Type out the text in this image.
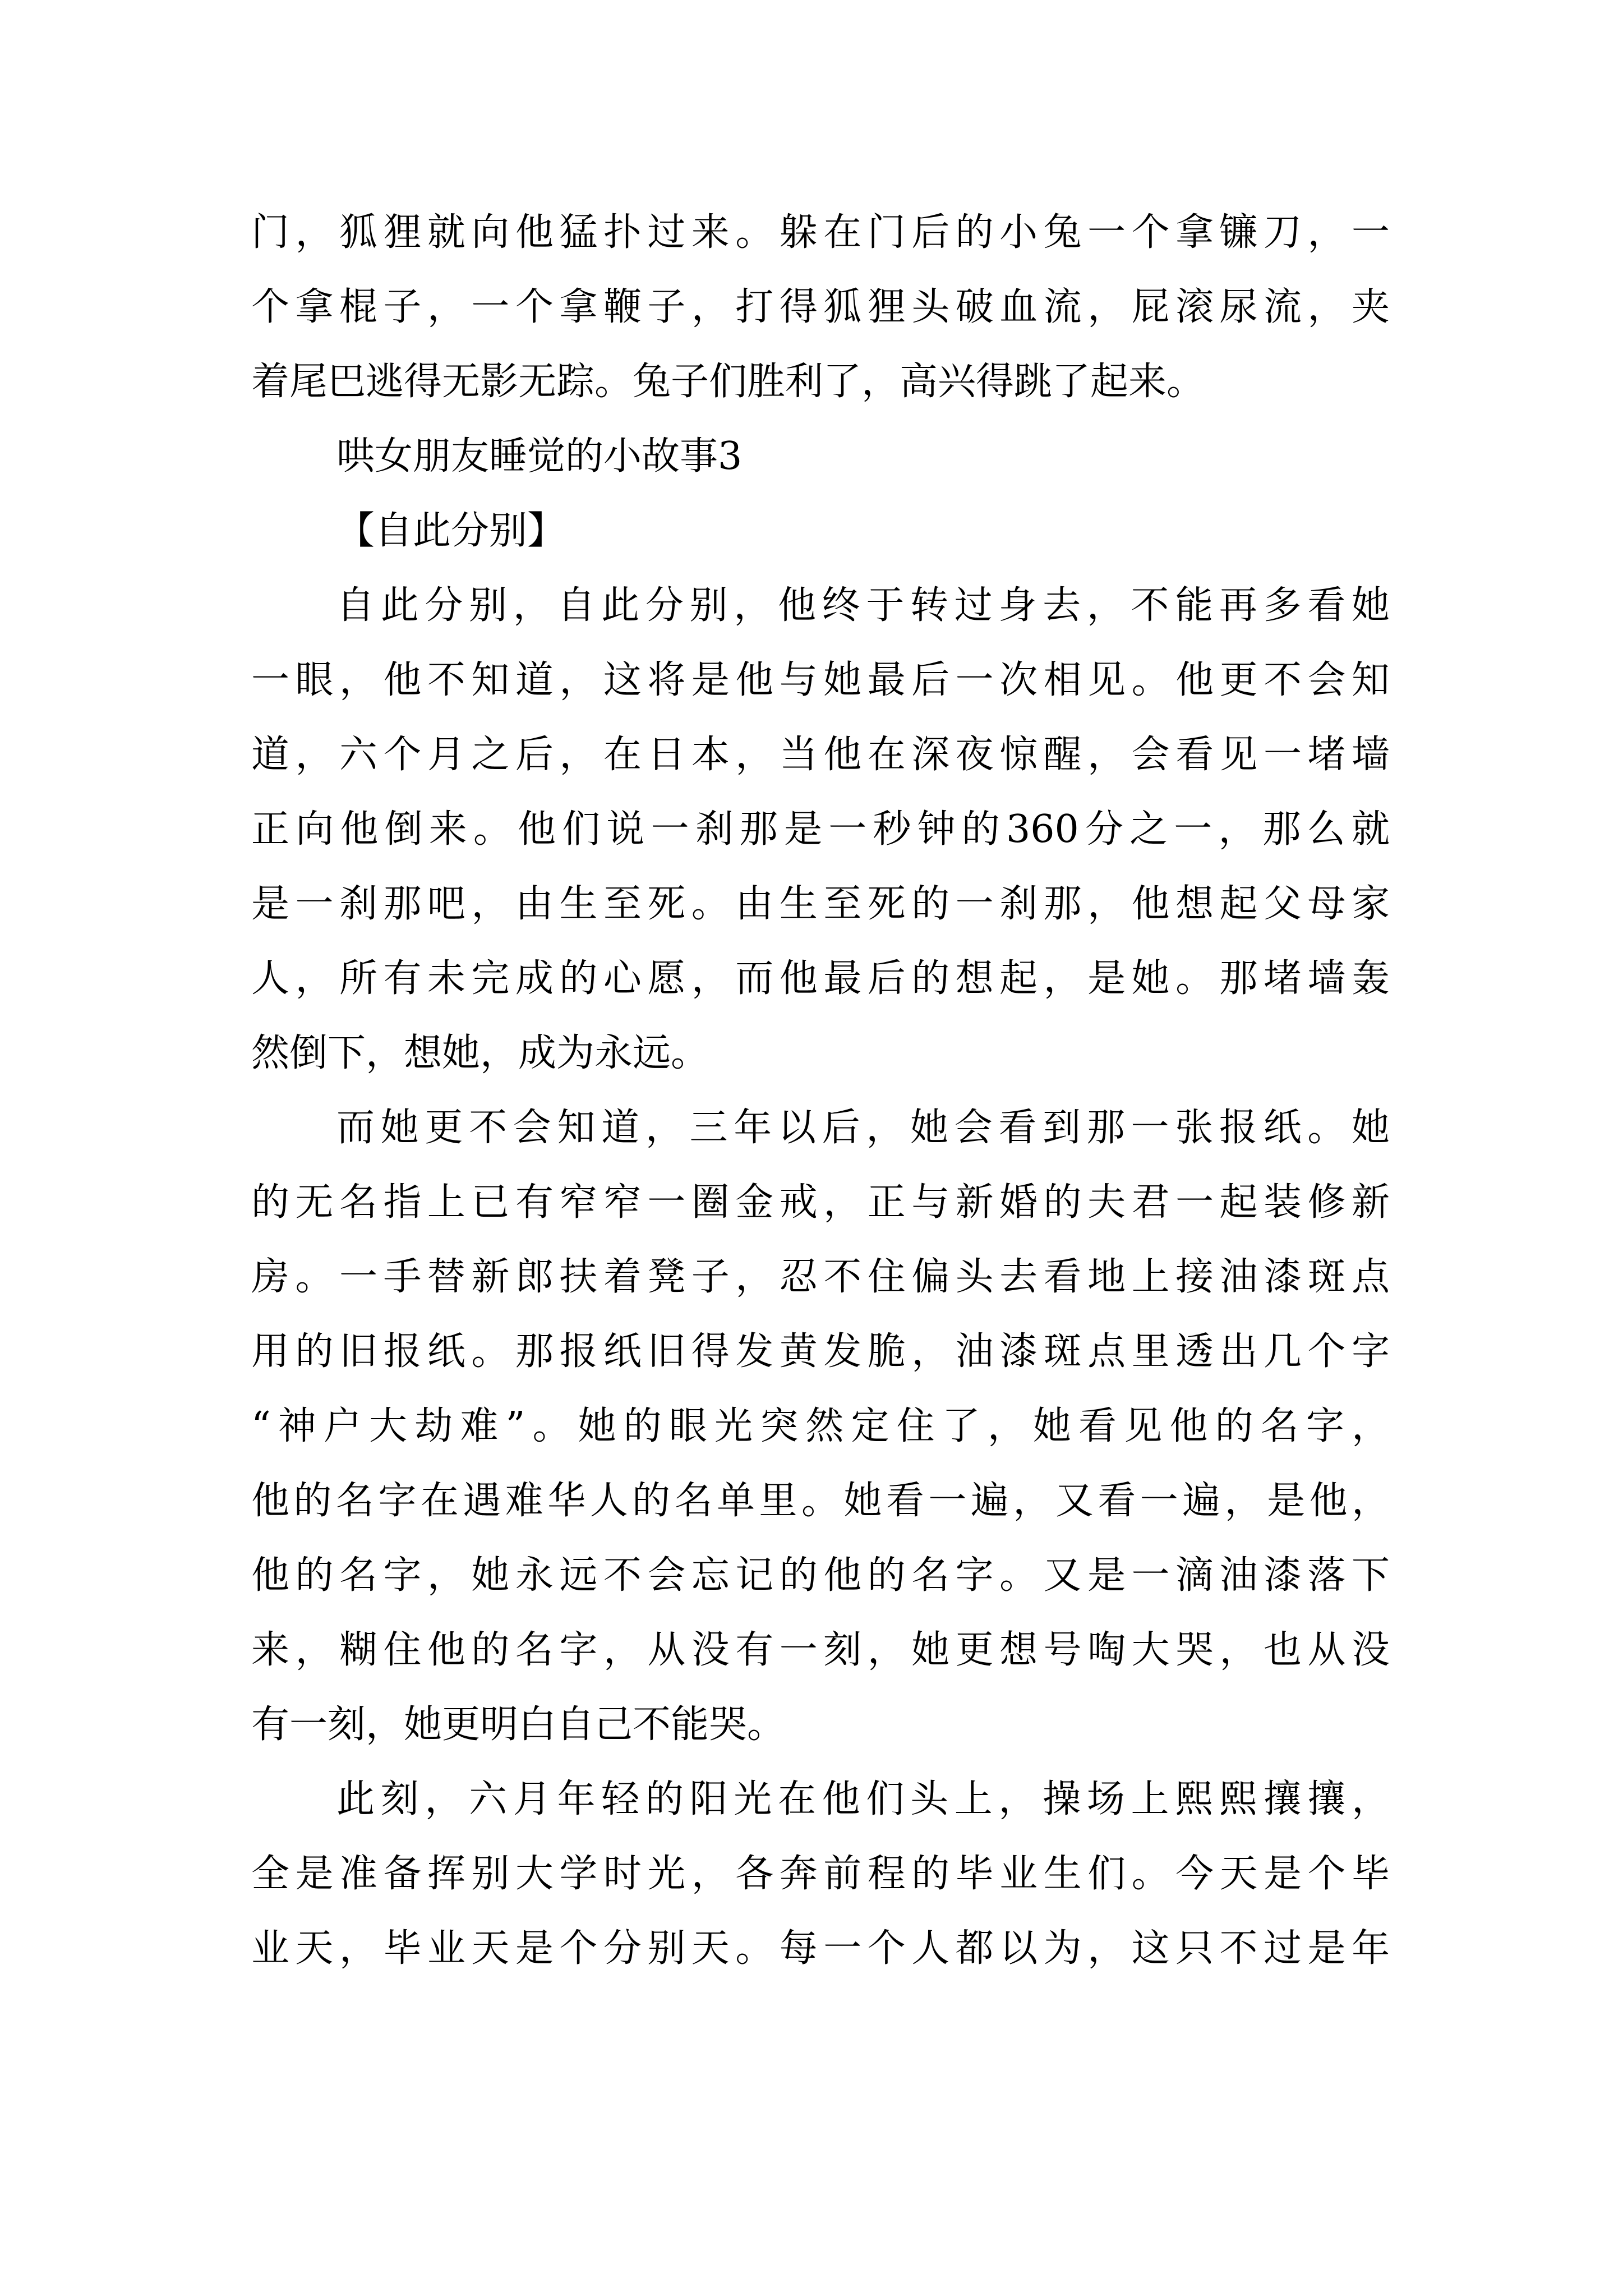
门，狐狸就向他猛扑过来。躲在门后的小兔一个拿镰刀，一
个拿棍子，一个拿鞭子，打得狐狸头破血流，屁滚尿流，夹
着尾巴逃得无影无踪。兔子们胜利了，高兴得跳了起来。
哄女朋友睡觉的小故事3
【自此分别】
自此分别，自此分别，他终于转过身去，不能再多看她
一眼，他不知道，这将是他与她最后一次相见。他更不会知
道，六个月之后，在日本，当他在深夜惊醒，会看见一堵墙
正向他倒来。他们说一刹那是一秒钟的360分之一，那么就
是一刹那吧，由生至死。由生至死的一刹那，他想起父母家
人，所有未完成的心愿，而他最后的想起，是她。那堵墙轰
然倒下，想她，成为永远。
而她更不会知道，三年以后，她会看到那一张报纸。她
的无名指上已有窄窄一圈金戒，正与新婚的夫君一起装修新
房。一手替新郎扶着凳子，忍不住偏头去看地上接油漆斑点
用的旧报纸。那报纸旧得发黄发脆，油漆斑点里透出几个字
“神户大劫难”。她的眼光突然定住了，她看见他的名字，
他的名字在遇难华人的名单里。她看一遍，又看一遍，是他，
他的名字，她永远不会忘记的他的名字。又是一滴油漆落下
来，糊住他的名字，从没有一刻，她更想号啕大哭，也从没
有一刻，她更明白自己不能哭。
此刻，六月年轻的阳光在他们头上，操场上熙熙攘攘，
全是准备挥别大学时光，各奔前程的毕业生们。今天是个毕
业天，毕业天是个分别天。每一个人都以为，这只不过是年
